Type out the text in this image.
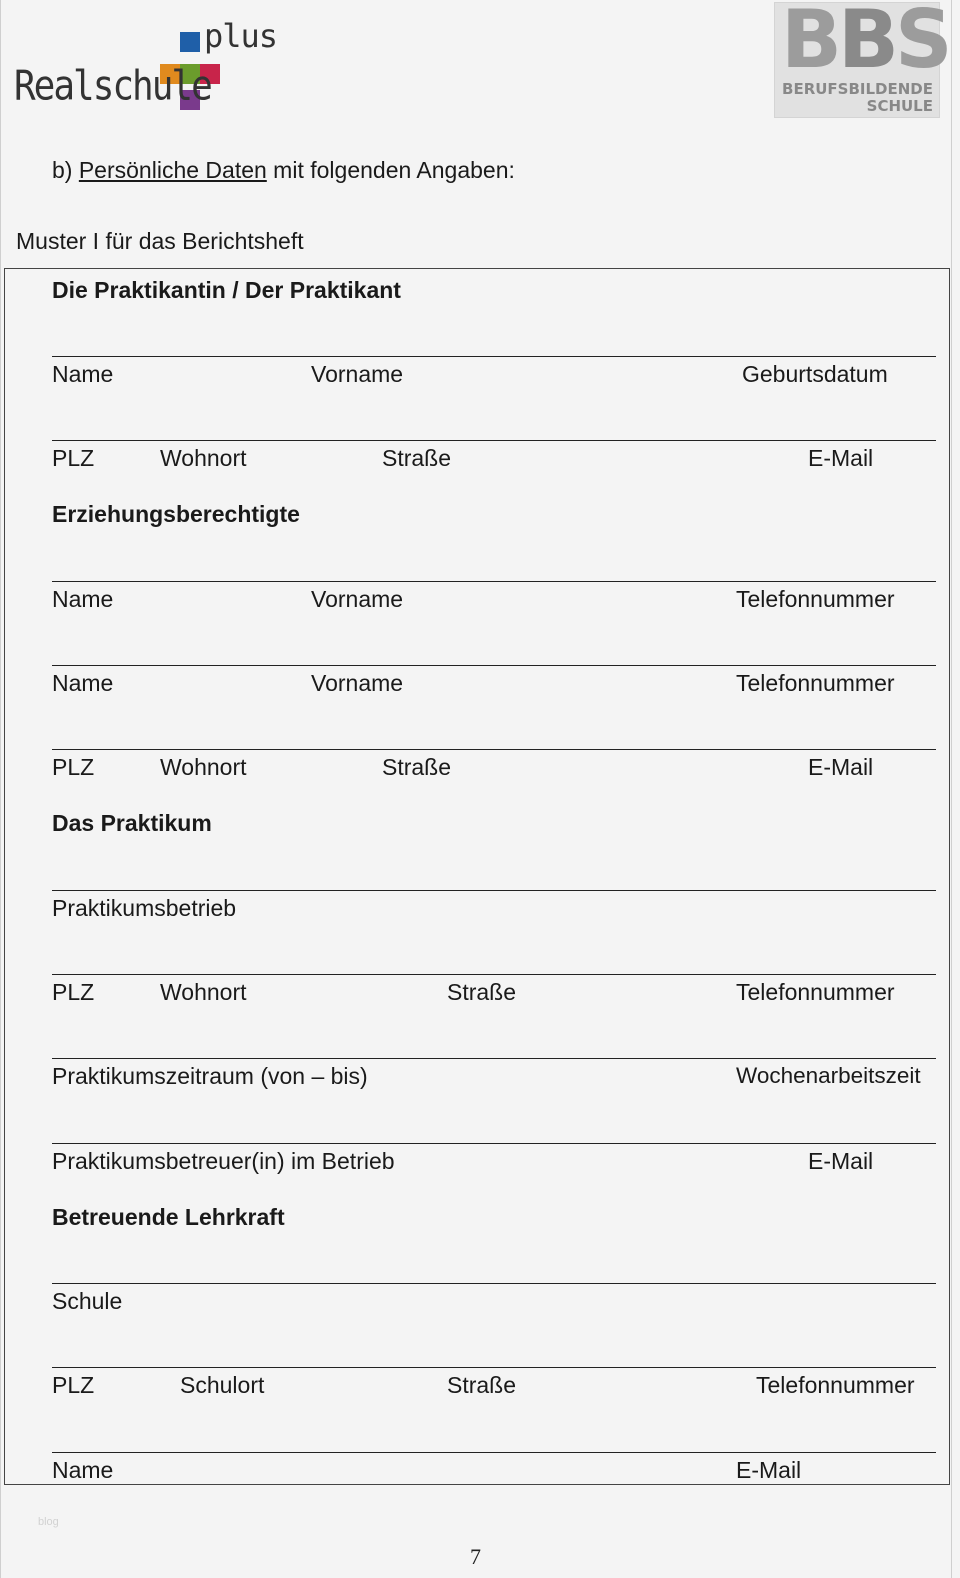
plus
Realschule
BBS
BERUFSBILDENDE
SCHULE
b) Persönliche Daten mit folgenden Angaben:
Muster I für das Berichtsheft
Die Praktikantin / Der Praktikant
Name	Vorname	Geburtsdatum
PLZ	Wohnort	Straße	E-Mail
Erziehungsberechtigte
Name	Vorname	Telefonnummer
Name	Vorname	Telefonnummer
PLZ	Wohnort	Straße	E-Mail
Das Praktikum
Praktikumsbetrieb
PLZ	Wohnort	Straße	Telefonnummer
Praktikumszeitraum (von – bis)	Wochenarbeitszeit
Praktikumsbetreuer(in) im Betrieb	E-Mail
Betreuende Lehrkraft
Schule
PLZ	Schulort	Straße	Telefonnummer
Name	E-Mail
blog
7
